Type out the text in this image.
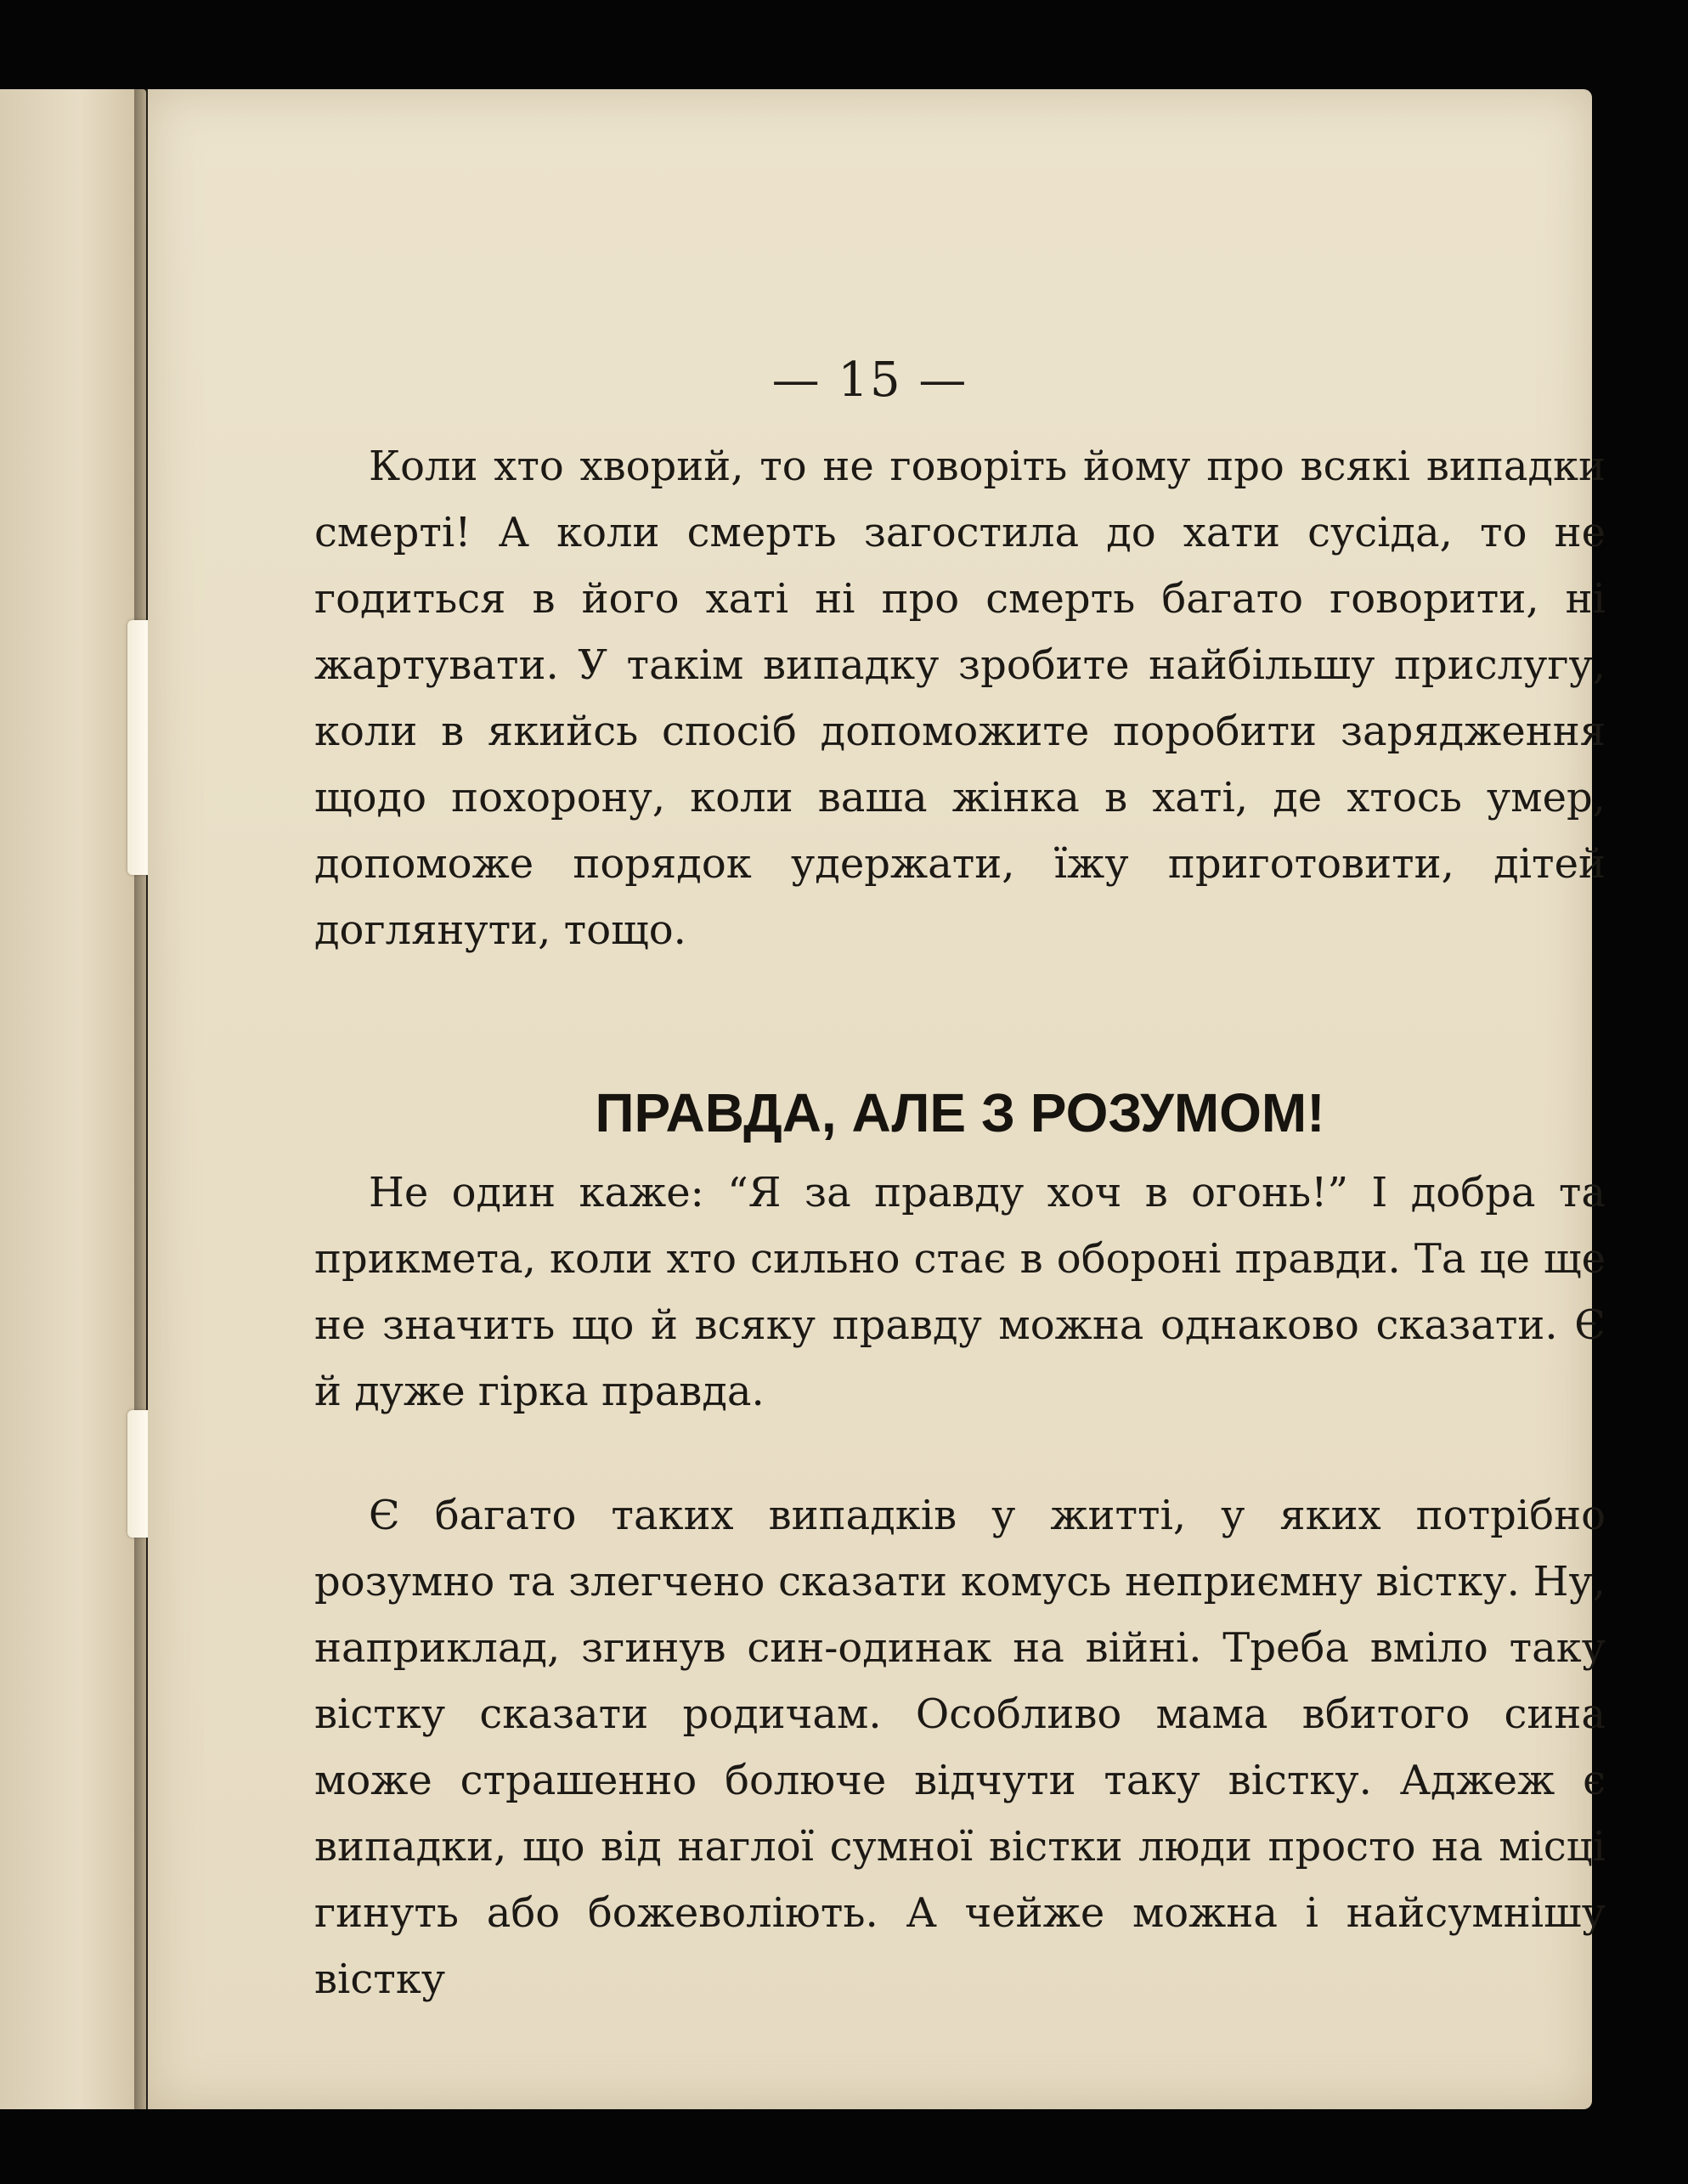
— 15 —

Коли хто хворий, то не говоріть йому про всякі випадки смерті! А коли смерть загостила до хати сусіда, то не годиться в його хаті ні про смерть багато говорити, ні жартувати. У такім випадку зробите найбільшу прислугу, коли в якийсь спосіб допоможите поробити зарядження щодо похорону, коли ваша жінка в хаті, де хтось умер, допоможе порядок удержати, їжу приготовити, дітей доглянути, тощо.

ПРАВДА, АЛЕ З РОЗУМОМ!

Не один каже: “Я за правду хоч в огонь!” І добра та прикмета, коли хто сильно стає в обороні правди. Та це ще не значить що й всяку правду можна однаково сказати. Є й дуже гірка правда.

Є багато таких випадків у житті, у яких потрібно розумно та злегчено сказати комусь неприємну вістку. Ну, наприклад, згинув син-одинак на війні. Треба вміло таку вістку сказати родичам. Особливо мама вбитого сина може страшенно болюче відчути таку вістку. Аджеж є випадки, що від наглої сумної вістки люди просто на місці гинуть або божеволіють. А чейже можна і найсумнішу вістку
